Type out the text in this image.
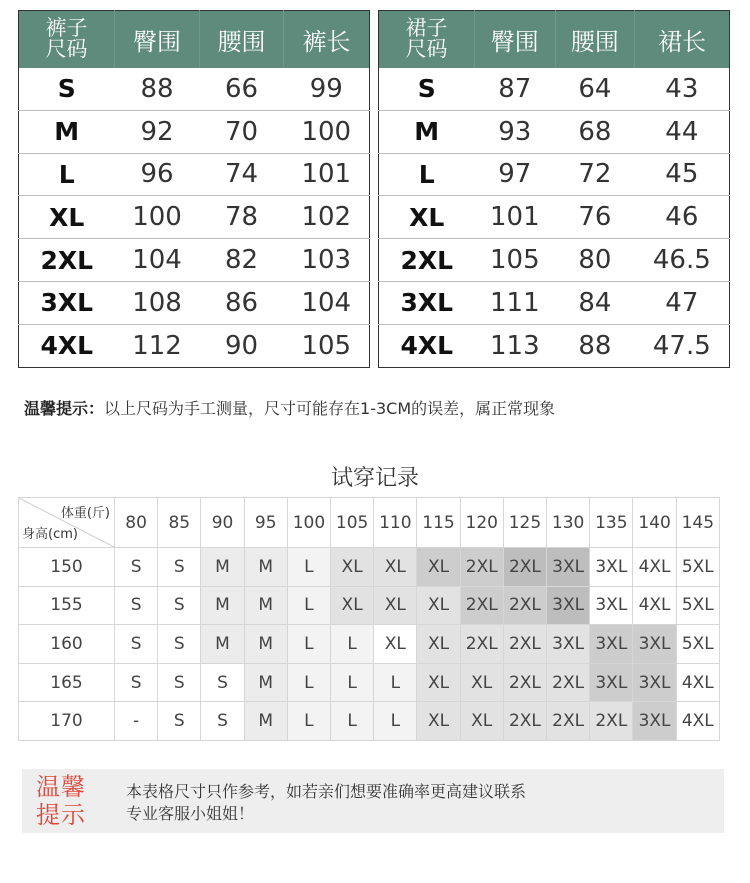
裤子
尺码	臀围	腰围	裤长
S	88	66	99
M	92	70	100
L	96	74	101
XL	100	78	102
2XL	104	82	103
3XL	108	86	104
4XL	112	90	105
裙子
尺码	臀围	腰围	裙长
S	87	64	43
M	93	68	44
L	97	72	45
XL	101	76	46
2XL	105	80	46.5
3XL	111	84	47
4XL	113	88	47.5
温馨提示：以上尺码为手工测量，尺寸可能存在1-3CM的误差，属正常现象
试穿记录
体重(斤)
身高(cm)	80	85	90	95	100	105	110	115	120	125	130	135	140	145
150	S	S	M	M	L	XL	XL	XL	2XL	2XL	3XL	3XL	4XL	5XL
155	S	S	M	M	L	XL	XL	XL	2XL	2XL	3XL	3XL	4XL	5XL
160	S	S	M	M	L	L	XL	XL	2XL	2XL	3XL	3XL	3XL	5XL
165	S	S	S	M	L	L	L	XL	XL	2XL	2XL	3XL	3XL	4XL
170	-	S	S	M	L	L	L	XL	XL	2XL	2XL	2XL	3XL	4XL
温馨
提示
本表格尺寸只作参考，如若亲们想要准确率更高建议联系
专业客服小姐姐！
